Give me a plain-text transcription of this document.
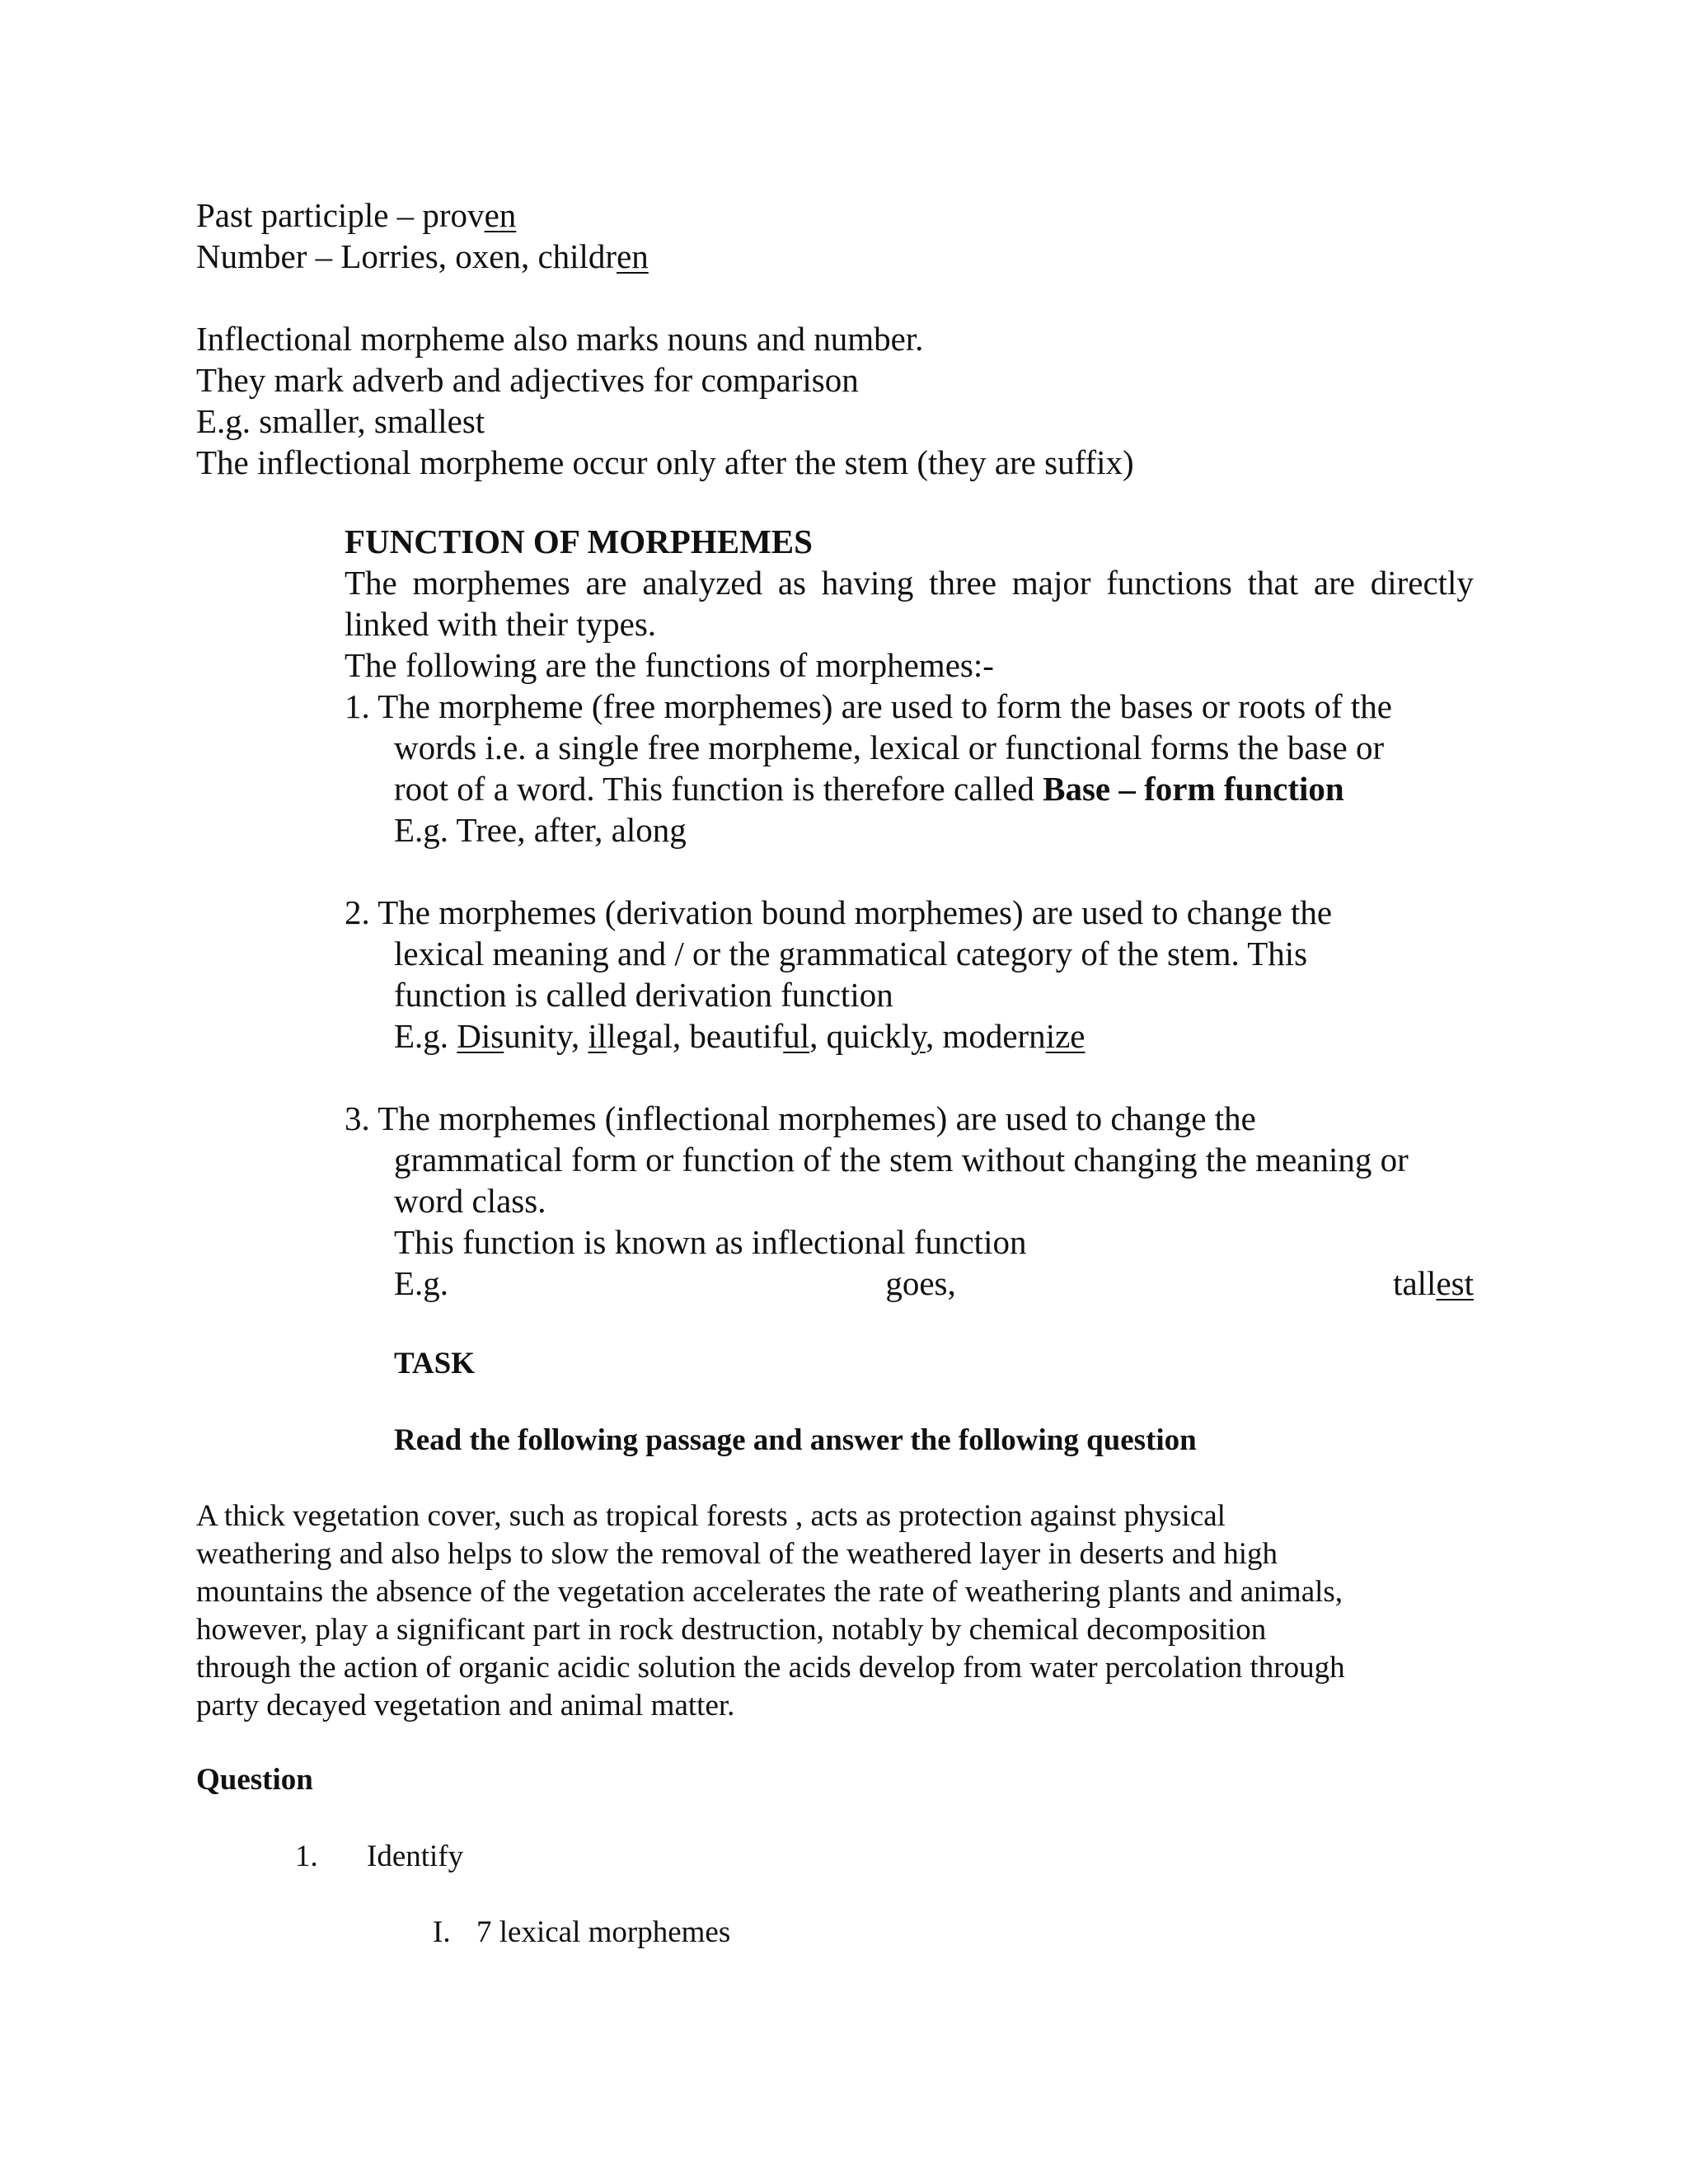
Past participle – proven
Number – Lorries, oxen, children
Inflectional morpheme also marks nouns and number.
They mark adverb and adjectives for comparison
E.g. smaller, smallest
The inflectional morpheme occur only after the stem (they are suffix)
FUNCTION OF MORPHEMES
The morphemes are analyzed as having three major functions that are directly
linked with their types.
The following are the functions of morphemes:-
1. The morpheme (free morphemes) are used to form the bases or roots of the
words i.e. a single free morpheme, lexical or functional forms the base or
root of a word. This function is therefore called Base – form function
E.g. Tree, after, along
2. The morphemes (derivation bound morphemes) are used to change the
lexical meaning and / or the grammatical category of the stem. This
function is called derivation function
E.g. Disunity, illegal, beautiful, quickly, modernize
3. The morphemes (inflectional morphemes) are used to change the
grammatical form or function of the stem without changing the meaning or
word class.
This function is known as inflectional function
E.g.	goes,	tallest
TASK
Read the following passage and answer the following question
A thick vegetation cover, such as tropical forests , acts as protection against physical
weathering and also helps to slow the removal of the weathered layer in deserts and high
mountains the absence of the vegetation accelerates the rate of weathering plants and animals,
however, play a significant part in rock destruction, notably by chemical decomposition
through the action of organic acidic solution the acids develop from water percolation through
party decayed vegetation and animal matter.
Question
1. Identify
I. 7 lexical morphemes
